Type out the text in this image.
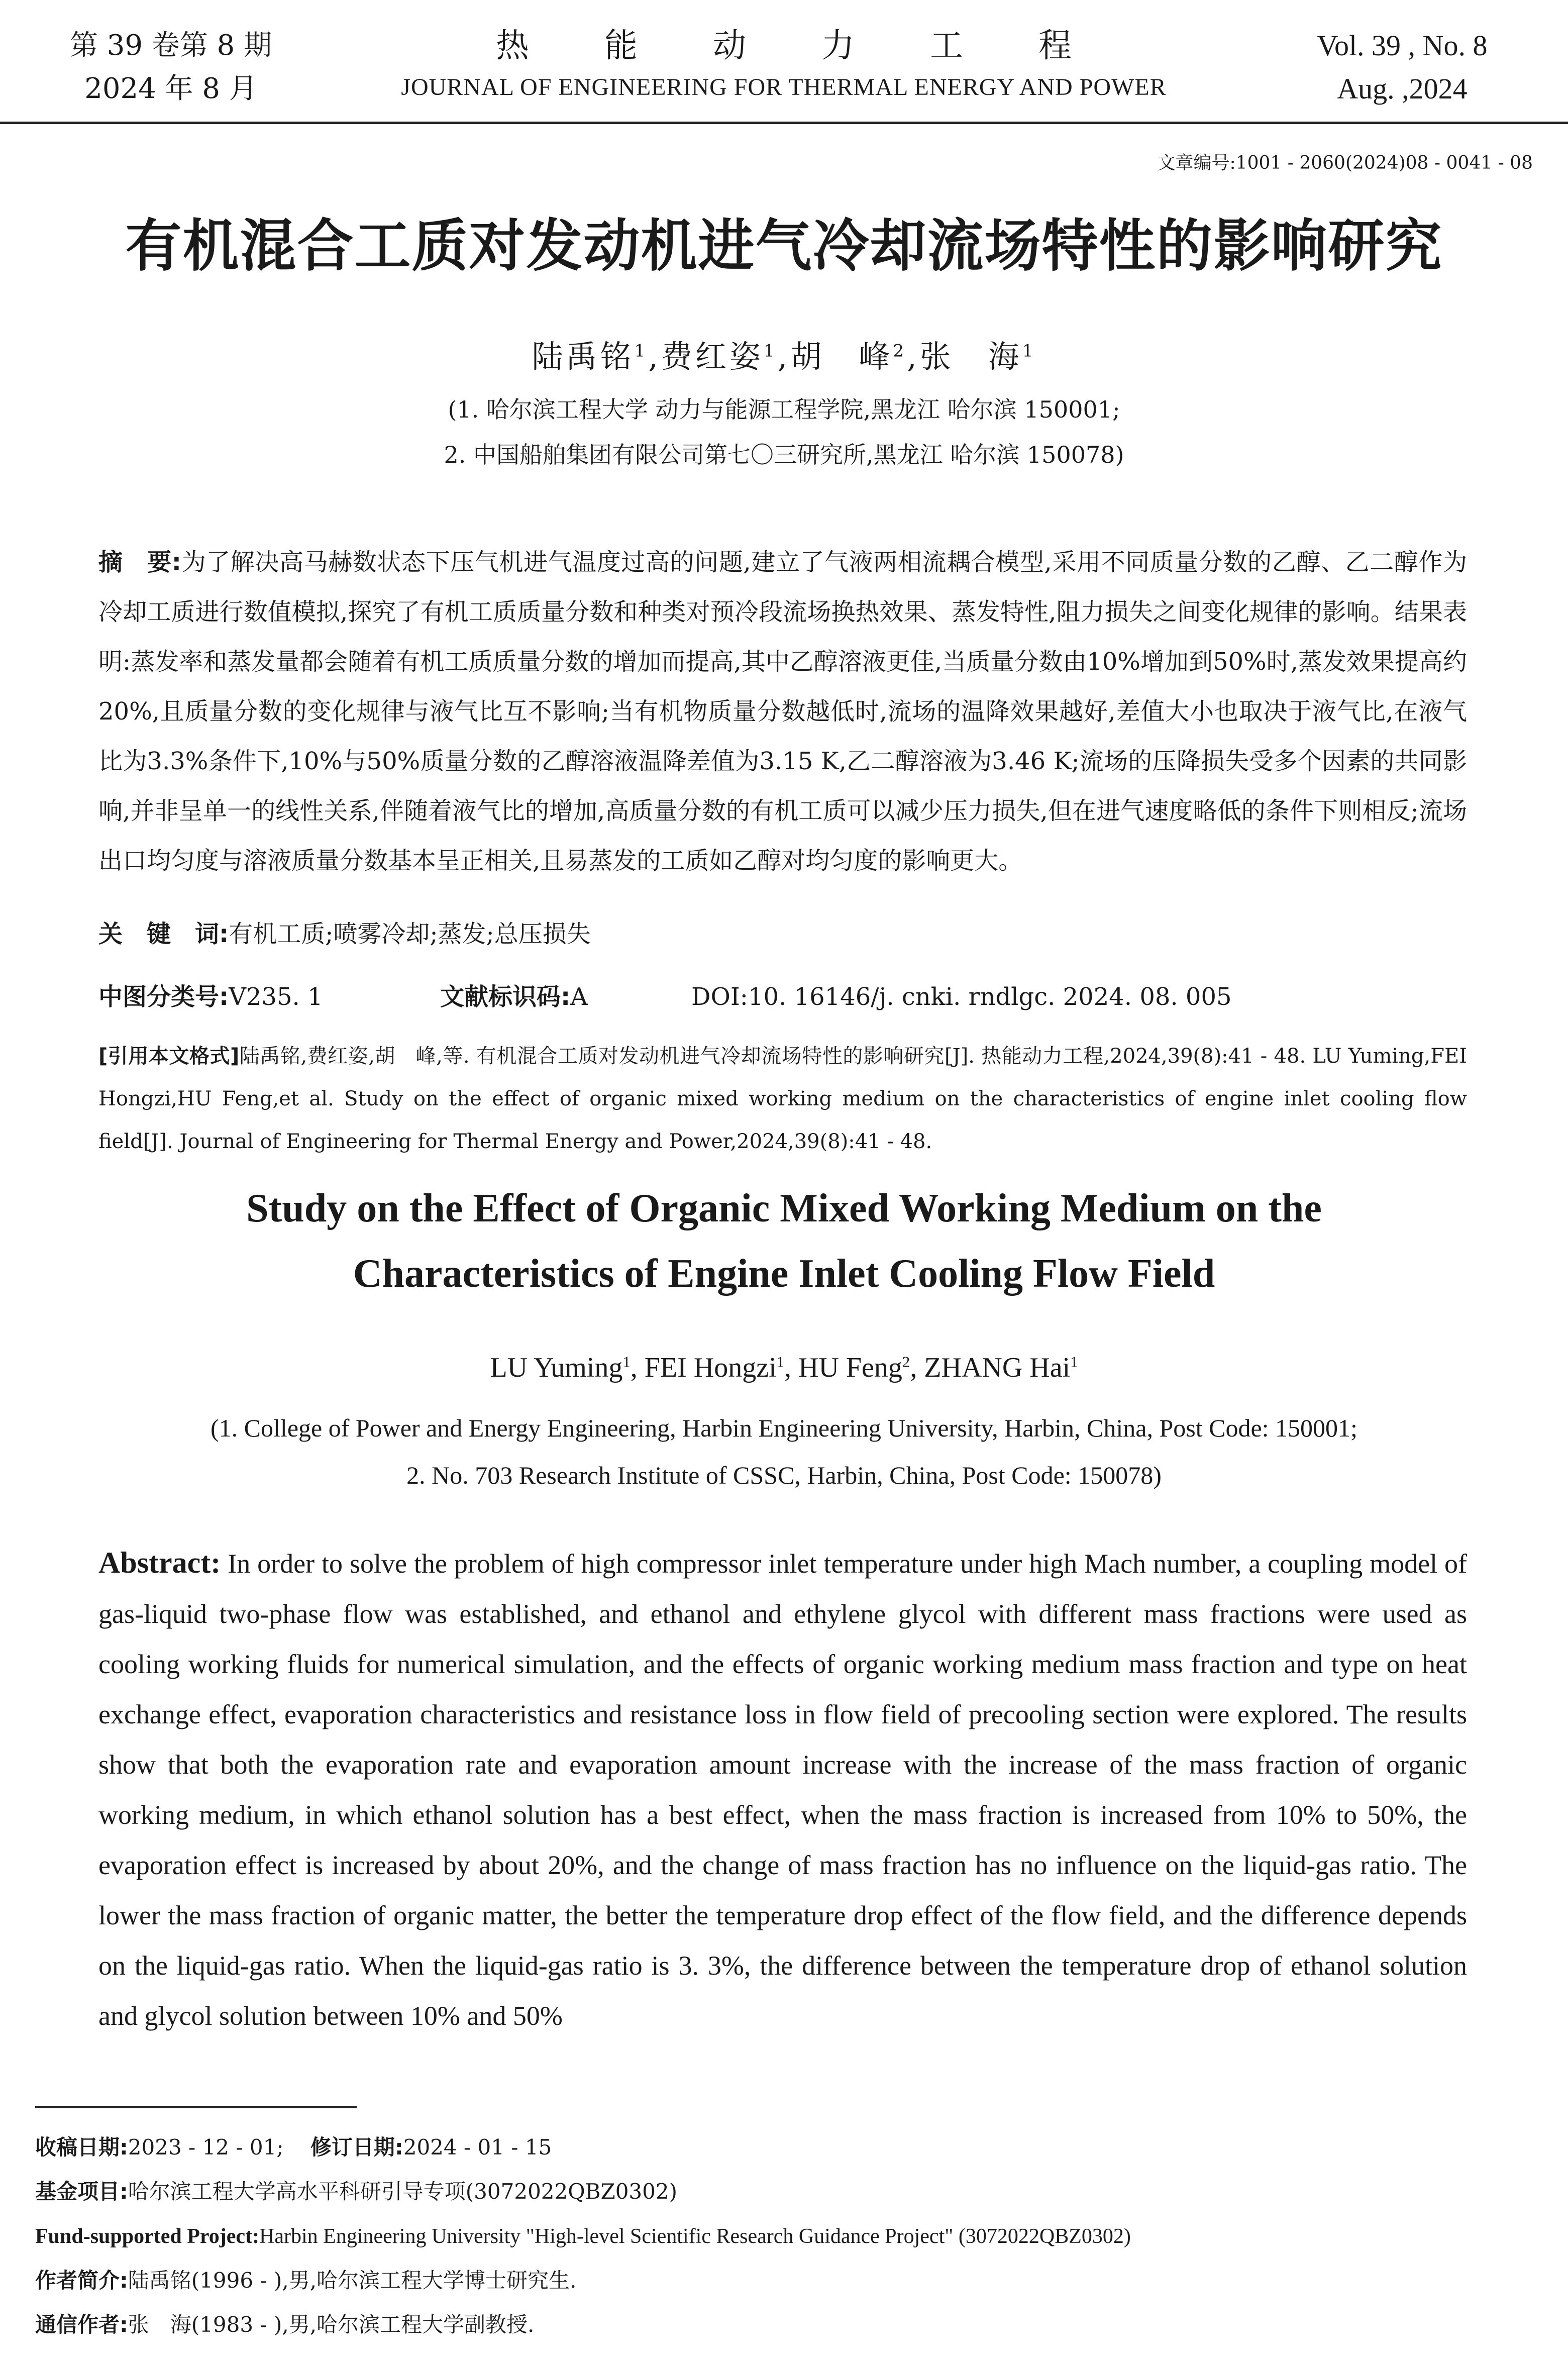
第 39 卷第 8 期
2024 年 8 月
热能动力工程
JOURNAL OF ENGINEERING FOR THERMAL ENERGY AND POWER
Vol. 39 , No. 8
Aug. ,2024
文章编号:1001 - 2060(2024)08 - 0041 - 08
有机混合工质对发动机进气冷却流场特性的影响研究
陆禹铭$^1$,费红姿$^1$,胡　峰$^2$,张　海$^1$
(1. 哈尔滨工程大学 动力与能源工程学院,黑龙江 哈尔滨 150001;
2. 中国船舶集团有限公司第七〇三研究所,黑龙江 哈尔滨 150078)
摘　要:为了解决高马赫数状态下压气机进气温度过高的问题,建立了气液两相流耦合模型,采用不同质量分数的乙醇、乙二醇作为冷却工质进行数值模拟,探究了有机工质质量分数和种类对预冷段流场换热效果、蒸发特性,阻力损失之间变化规律的影响。结果表明:蒸发率和蒸发量都会随着有机工质质量分数的增加而提高,其中乙醇溶液更佳,当质量分数由10%增加到50%时,蒸发效果提高约20%,且质量分数的变化规律与液气比互不影响;当有机物质量分数越低时,流场的温降效果越好,差值大小也取决于液气比,在液气比为3.3%条件下,10%与50%质量分数的乙醇溶液温降差值为3.15 K,乙二醇溶液为3.46 K;流场的压降损失受多个因素的共同影响,并非呈单一的线性关系,伴随着液气比的增加,高质量分数的有机工质可以减少压力损失,但在进气速度略低的条件下则相反;流场出口均匀度与溶液质量分数基本呈正相关,且易蒸发的工质如乙醇对均匀度的影响更大。
关　键　词:有机工质;喷雾冷却;蒸发;总压损失
中图分类号:V235. 1	文献标识码:A	DOI:10. 16146/j. cnki. rndlgc. 2024. 08. 005
[引用本文格式]陆禹铭,费红姿,胡　峰,等. 有机混合工质对发动机进气冷却流场特性的影响研究[J]. 热能动力工程,2024,39(8):41 - 48. LU Yuming,FEI Hongzi,HU Feng,et al. Study on the effect of organic mixed working medium on the characteristics of engine inlet cooling flow field[J]. Journal of Engineering for Thermal Energy and Power,2024,39(8):41 - 48.
Study on the Effect of Organic Mixed Working Medium on the
Characteristics of Engine Inlet Cooling Flow Field
LU Yuming$^1$, FEI Hongzi$^1$, HU Feng$^2$, ZHANG Hai$^1$
(1. College of Power and Energy Engineering, Harbin Engineering University, Harbin, China, Post Code: 150001;
2. No. 703 Research Institute of CSSC, Harbin, China, Post Code: 150078)
Abstract: In order to solve the problem of high compressor inlet temperature under high Mach number, a coupling model of gas-liquid two-phase flow was established, and ethanol and ethylene glycol with different mass fractions were used as cooling working fluids for numerical simulation, and the effects of organic working medium mass fraction and type on heat exchange effect, evaporation characteristics and resistance loss in flow field of precooling section were explored. The results show that both the evaporation rate and evaporation amount increase with the increase of the mass fraction of organic working medium, in which ethanol solution has a best effect, when the mass fraction is increased from 10% to 50%, the evaporation effect is increased by about 20%, and the change of mass fraction has no influence on the liquid-gas ratio. The lower the mass fraction of organic matter, the better the temperature drop effect of the flow field, and the difference depends on the liquid-gas ratio. When the liquid-gas ratio is 3. 3%, the difference between the temperature drop of ethanol solution and glycol solution between 10% and 50%
收稿日期:2023 - 12 - 01; 修订日期:2024 - 01 - 15
基金项目:哈尔滨工程大学高水平科研引导专项(3072022QBZ0302)
Fund-supported Project:Harbin Engineering University "High-level Scientific Research Guidance Project" (3072022QBZ0302)
作者简介:陆禹铭(1996 - ),男,哈尔滨工程大学博士研究生.
通信作者:张　海(1983 - ),男,哈尔滨工程大学副教授.
